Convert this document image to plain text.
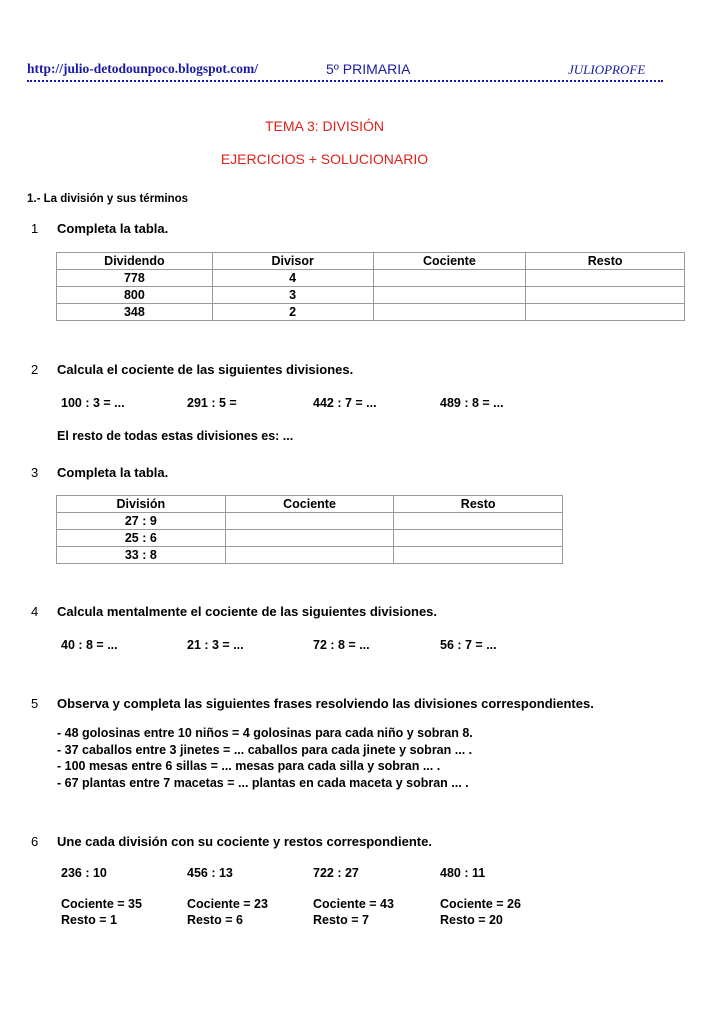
http://julio-detodounpoco.blogspot.com/	5º PRIMARIA	JULIOPROFE
TEMA 3: DIVISIÓN
EJERCICIOS + SOLUCIONARIO
1.- La división y sus términos
1 Completa la tabla.
Dividendo	Divisor	Cociente	Resto
778	4		
800	3		
348	2		
2 Calcula el cociente de las siguientes divisiones.
100 : 3 = ...	291 : 5 =	442 : 7 = ...	489 : 8 = ...
El resto de todas estas divisiones es: ...
3 Completa la tabla.
División	Cociente	Resto
27 : 9		
25 : 6		
33 : 8		
4 Calcula mentalmente el cociente de las siguientes divisiones.
40 : 8 = ...	21 : 3 = ...	72 : 8 = ...	56 : 7 = ...
5 Observa y completa las siguientes frases resolviendo las divisiones correspondientes.
- 48 golosinas entre 10 niños = 4 golosinas para cada niño y sobran 8.
- 37 caballos entre 3 jinetes = ... caballos para cada jinete y sobran ... .
- 100 mesas entre 6 sillas = ... mesas para cada silla y sobran ... .
- 67 plantas entre 7 macetas = ... plantas en cada maceta y sobran ... .
6 Une cada división con su cociente y restos correspondiente.
236 : 10	456 : 13	722 : 27	480 : 11
Cociente = 35	Cociente = 23	Cociente = 43	Cociente = 26
Resto = 1	Resto = 6	Resto = 7	Resto = 20
